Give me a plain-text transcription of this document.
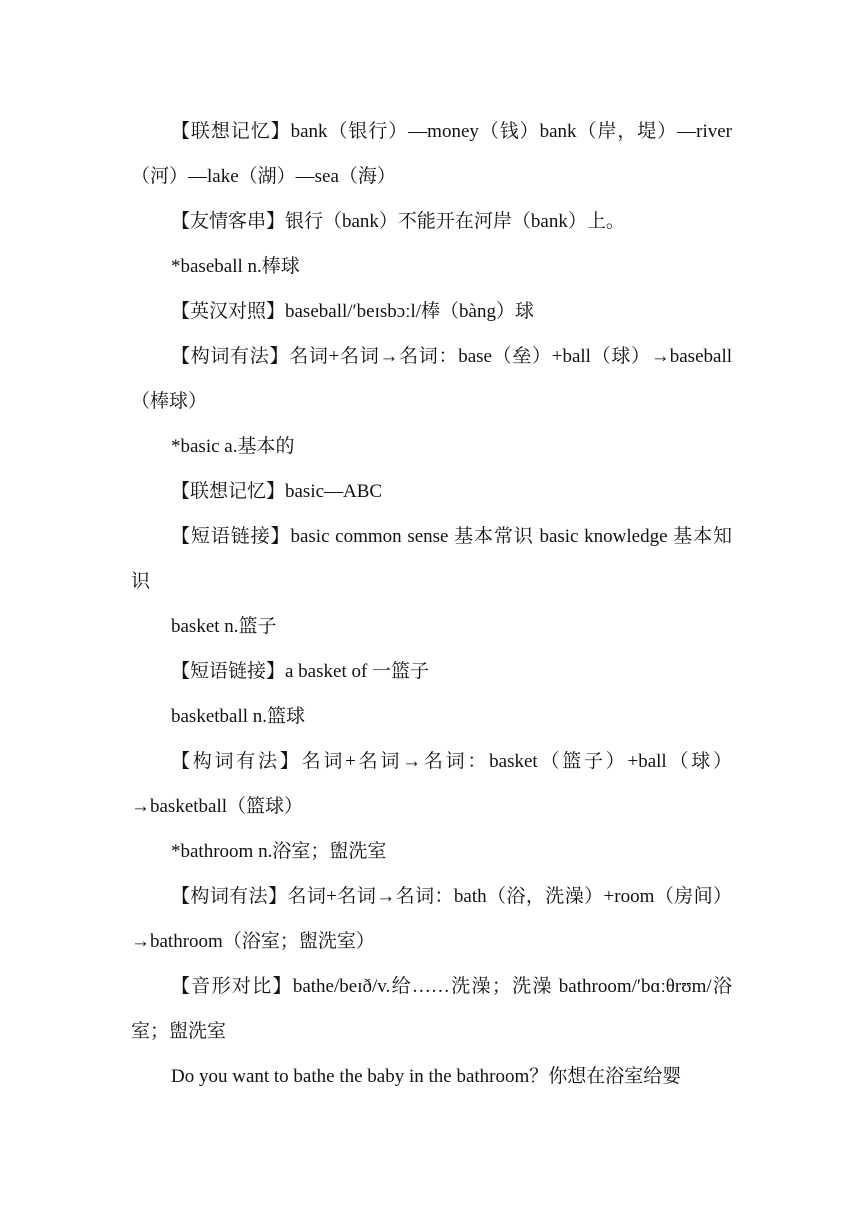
【联想记忆】bank（银行）—money（钱）bank（岸，堤）—river（河）—lake（湖）—sea（海）

【友情客串】银行（bank）不能开在河岸（bank）上。

*baseball n.棒球

【英汉对照】baseball/′beɪsbɔːl/棒（bàng）球

【构词有法】名词+名词→名词：base（垒）+ball（球）→baseball（棒球）

*basic a.基本的

【联想记忆】basic—ABC

【短语链接】basic common sense 基本常识 basic knowledge 基本知识

basket n.篮子

【短语链接】a basket of 一篮子

basketball n.篮球

【构词有法】名词+名词→名词：basket（篮子）+ball（球）→basketball（篮球）

*bathroom n.浴室；盥洗室

【构词有法】名词+名词→名词：bath（浴，洗澡）+room（房间）→bathroom（浴室；盥洗室）

【音形对比】bathe/beɪð/v.给……洗澡；洗澡 bathroom/′bɑːθrʊm/浴室；盥洗室

Do you want to bathe the baby in the bathroom？你想在浴室给婴
